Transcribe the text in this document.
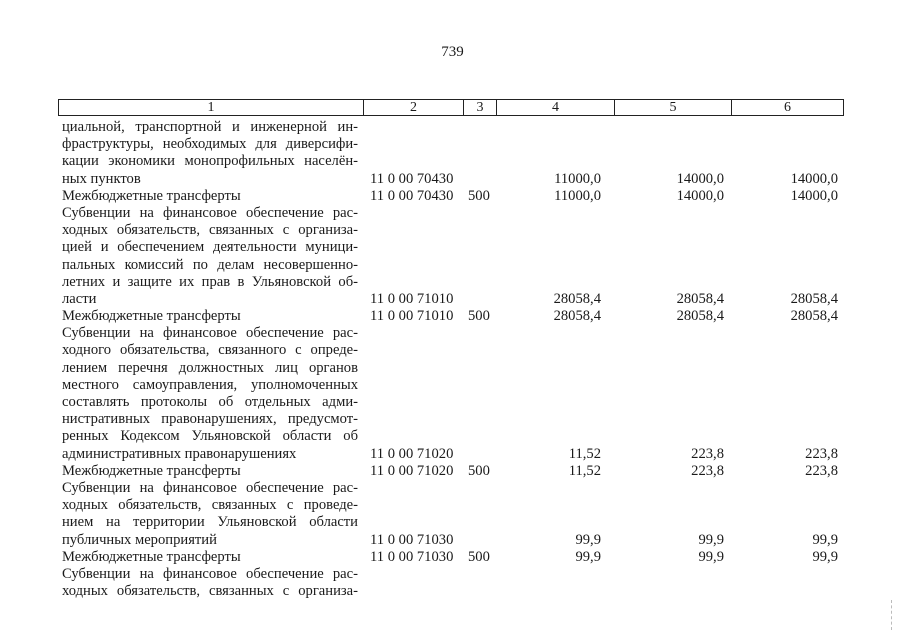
739
1	2	3	4	5	6
циальной, транспортной и инженерной ин-
фраструктуры, необходимых для диверсифи-
кации экономики монопрофильных населён-
ных пунктов	11 0 00 70430	11000,0	14000,0	14000,0
Межбюджетные трансферты	11 0 00 70430 500	11000,0	14000,0	14000,0
Субвенции на финансовое обеспечение рас-
ходных обязательств, связанных с организа-
цией и обеспечением деятельности муници-
пальных комиссий по делам несовершенно-
летних и защите их прав в Ульяновской об-
ласти	11 0 00 71010	28058,4	28058,4	28058,4
Межбюджетные трансферты	11 0 00 71010 500	28058,4	28058,4	28058,4
Субвенции на финансовое обеспечение рас-
ходного обязательства, связанного с опреде-
лением перечня должностных лиц органов
местного самоуправления, уполномоченных
составлять протоколы об отдельных адми-
нистративных правонарушениях, предусмот-
ренных Кодексом Ульяновской области об
административных правонарушениях	11 0 00 71020	11,52	223,8	223,8
Межбюджетные трансферты	11 0 00 71020 500	11,52	223,8	223,8
Субвенции на финансовое обеспечение рас-
ходных обязательств, связанных с проведе-
нием на территории Ульяновской области
публичных мероприятий	11 0 00 71030	99,9	99,9	99,9
Межбюджетные трансферты	11 0 00 71030 500	99,9	99,9	99,9
Субвенции на финансовое обеспечение рас-
ходных обязательств, связанных с организа-
